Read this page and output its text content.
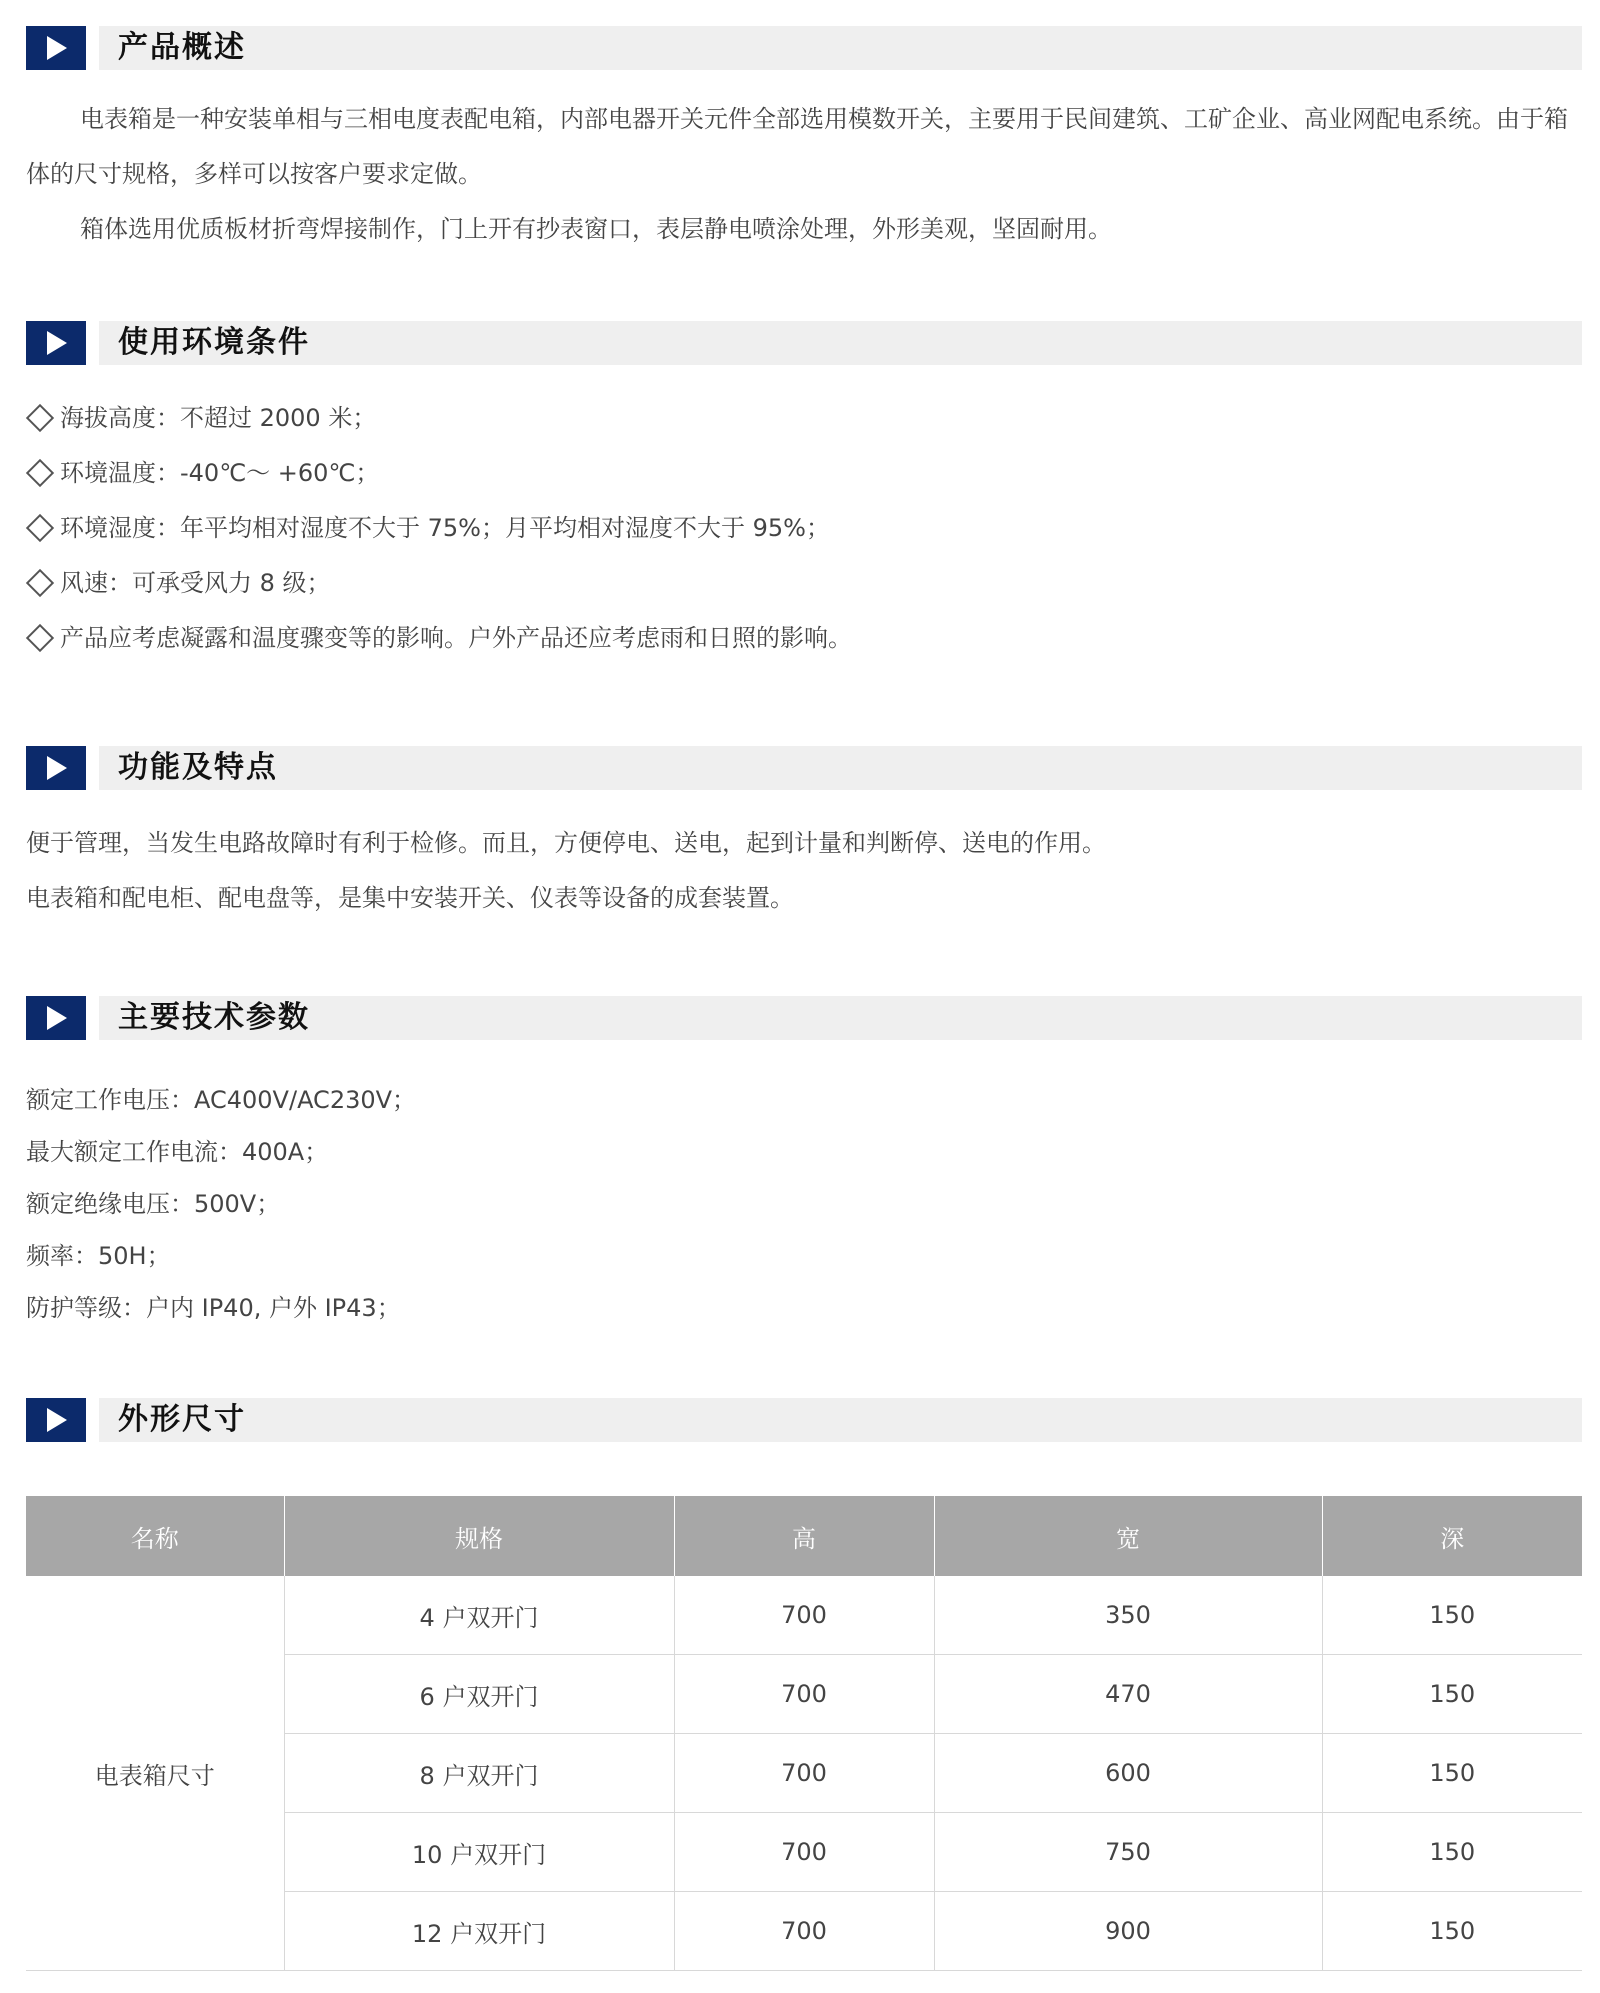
产品概述

电表箱是一种安装单相与三相电度表配电箱，内部电器开关元件全部选用模数开关，主要用于民间建筑、工矿企业、高业网配电系统。由于箱体的尺寸规格，多样可以按客户要求定做。

箱体选用优质板材折弯焊接制作，门上开有抄表窗口，表层静电喷涂处理，外形美观，坚固耐用。

使用环境条件

海拔高度：不超过 2000 米；

环境温度：-40℃～ +60℃；

环境湿度：年平均相对湿度不大于 75%；月平均相对湿度不大于 95%；

风速：可承受风力 8 级；

产品应考虑凝露和温度骤变等的影响。户外产品还应考虑雨和日照的影响。

功能及特点

便于管理，当发生电路故障时有利于检修。而且，方便停电、送电，起到计量和判断停、送电的作用。

电表箱和配电柜、配电盘等，是集中安装开关、仪表等设备的成套装置。

主要技术参数

额定工作电压：AC400V/AC230V；

最大额定工作电流：400A；

额定绝缘电压：500V；

频率：50H；

防护等级：户内 IP40, 户外 IP43；

外形尺寸
名称	规格	高	宽	深
电表箱尺寸	4 户双开门	700	350	150
	6 户双开门	700	470	150
	8 户双开门	700	600	150
	10 户双开门	700	750	150
	12 户双开门	700	900	150
